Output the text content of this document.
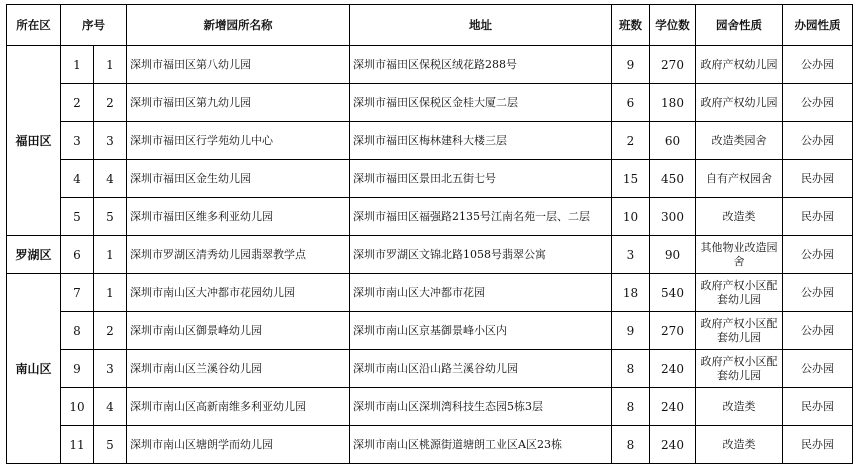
所在区	序号		新增园所名称	地址	班数	学位数	园舍性质	办园性质
福田区	1	1	深圳市福田区第八幼儿园	深圳市福田区保税区绒花路288号	9	270	政府产权幼儿园	公办园
	2	2	深圳市福田区第九幼儿园	深圳市福田区保税区金桂大厦二层	6	180	政府产权幼儿园	公办园
	3	3	深圳市福田区行学苑幼儿中心	深圳市福田区梅林建科大楼三层	2	60	改造类园舍	公办园
	4	4	深圳市福田区金生幼儿园	深圳市福田区景田北五街七号	15	450	自有产权园舍	民办园
	5	5	深圳市福田区维多利亚幼儿园	深圳市福田区福强路2135号江南名苑一层、二层	10	300	改造类	民办园
罗湖区	6	1	深圳市罗湖区清秀幼儿园翡翠教学点	深圳市罗湖区文锦北路1058号翡翠公寓	3	90	其他物业改造园舍	公办园
南山区	7	1	深圳市南山区大冲都市花园幼儿园	深圳市南山区大冲都市花园	18	540	政府产权小区配套幼儿园	公办园
	8	2	深圳市南山区御景峰幼儿园	深圳市南山区京基御景峰小区内	9	270	政府产权小区配套幼儿园	公办园
	9	3	深圳市南山区兰溪谷幼儿园	深圳市南山区沿山路兰溪谷幼儿园	8	240	政府产权小区配套幼儿园	公办园
	10	4	深圳市南山区高新南维多利亚幼儿园	深圳市南山区深圳湾科技生态园5栋3层	8	240	改造类	民办园
	11	5	深圳市南山区塘朗学而幼儿园	深圳市南山区桃源街道塘朗工业区A区23栋	8	240	改造类	民办园
